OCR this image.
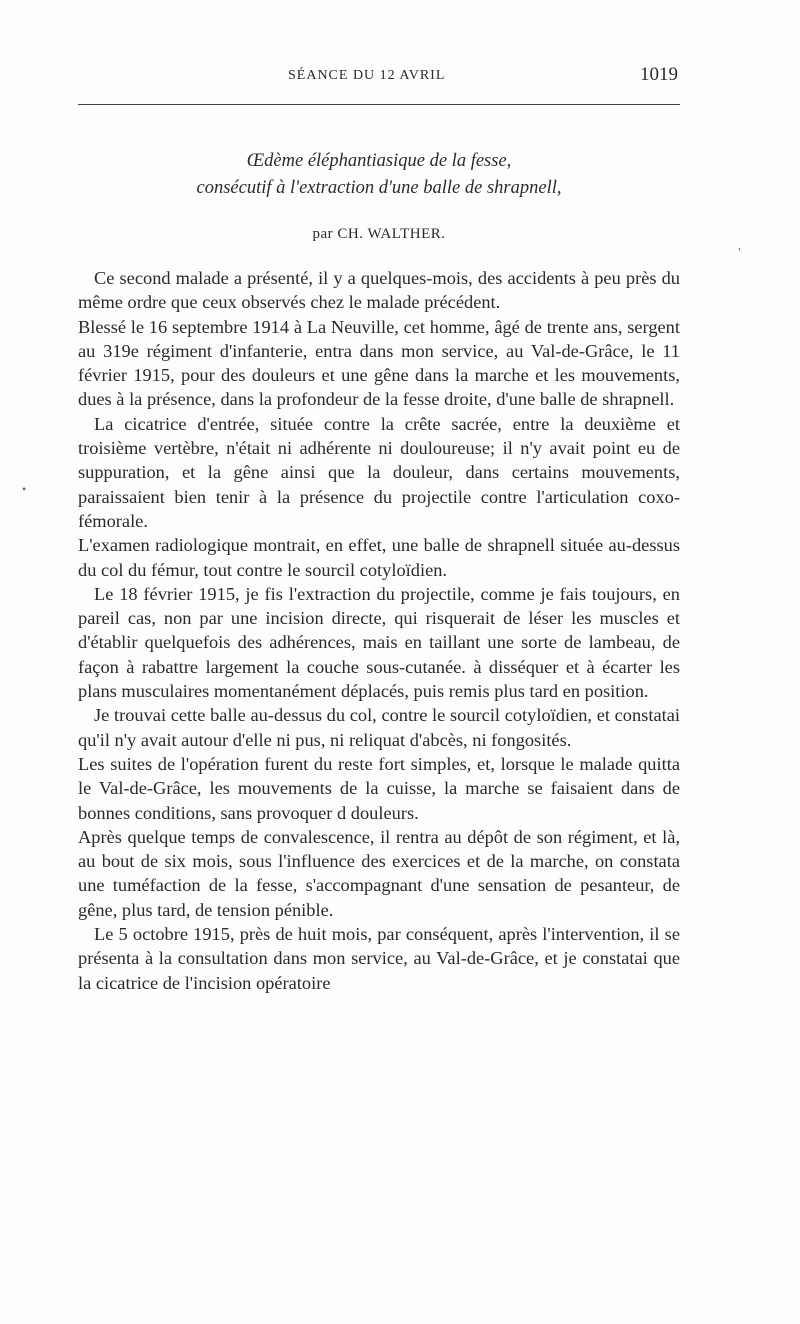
SÉANCE DU 12 AVRIL	1019
Œdème éléphantiasique de la fesse,
consécutif à l'extraction d'une balle de shrapnell,
par CH. WALTHER.

Ce second malade a présenté, il y a quelques-mois, des accidents à peu près du même ordre que ceux observés chez le malade précédent.

Blessé le 16 septembre 1914 à La Neuville, cet homme, âgé de trente ans, sergent au 319e régiment d'infanterie, entra dans mon service, au Val-de-Grâce, le 11 février 1915, pour des douleurs et une gêne dans la marche et les mouvements, dues à la présence, dans la profondeur de la fesse droite, d'une balle de shrapnell.

La cicatrice d'entrée, située contre la crête sacrée, entre la deuxième et troisième vertèbre, n'était ni adhérente ni douloureuse; il n'y avait point eu de suppuration, et la gêne ainsi que la douleur, dans certains mouvements, paraissaient bien tenir à la présence du projectile contre l'articulation coxo-fémorale.

L'examen radiologique montrait, en effet, une balle de shrapnell située au-dessus du col du fémur, tout contre le sourcil cotyloïdien.

Le 18 février 1915, je fis l'extraction du projectile, comme je fais toujours, en pareil cas, non par une incision directe, qui risquerait de léser les muscles et d'établir quelquefois des adhérences, mais en taillant une sorte de lambeau, de façon à rabattre largement la couche sous-cutanée. à disséquer et à écarter les plans musculaires momentanément déplacés, puis remis plus tard en position.

Je trouvai cette balle au-dessus du col, contre le sourcil cotyloïdien, et constatai qu'il n'y avait autour d'elle ni pus, ni reliquat d'abcès, ni fongosités.

Les suites de l'opération furent du reste fort simples, et, lorsque le malade quitta le Val-de-Grâce, les mouvements de la cuisse, la marche se faisaient dans de bonnes conditions, sans provoquer d douleurs.

Après quelque temps de convalescence, il rentra au dépôt de son régiment, et là, au bout de six mois, sous l'influence des exercices et de la marche, on constata une tuméfaction de la fesse, s'accompagnant d'une sensation de pesanteur, de gêne, plus tard, de tension pénible.

Le 5 octobre 1915, près de huit mois, par conséquent, après l'intervention, il se présenta à la consultation dans mon service, au Val-de-Grâce, et je constatai que la cicatrice de l'incision opératoire

•
,
